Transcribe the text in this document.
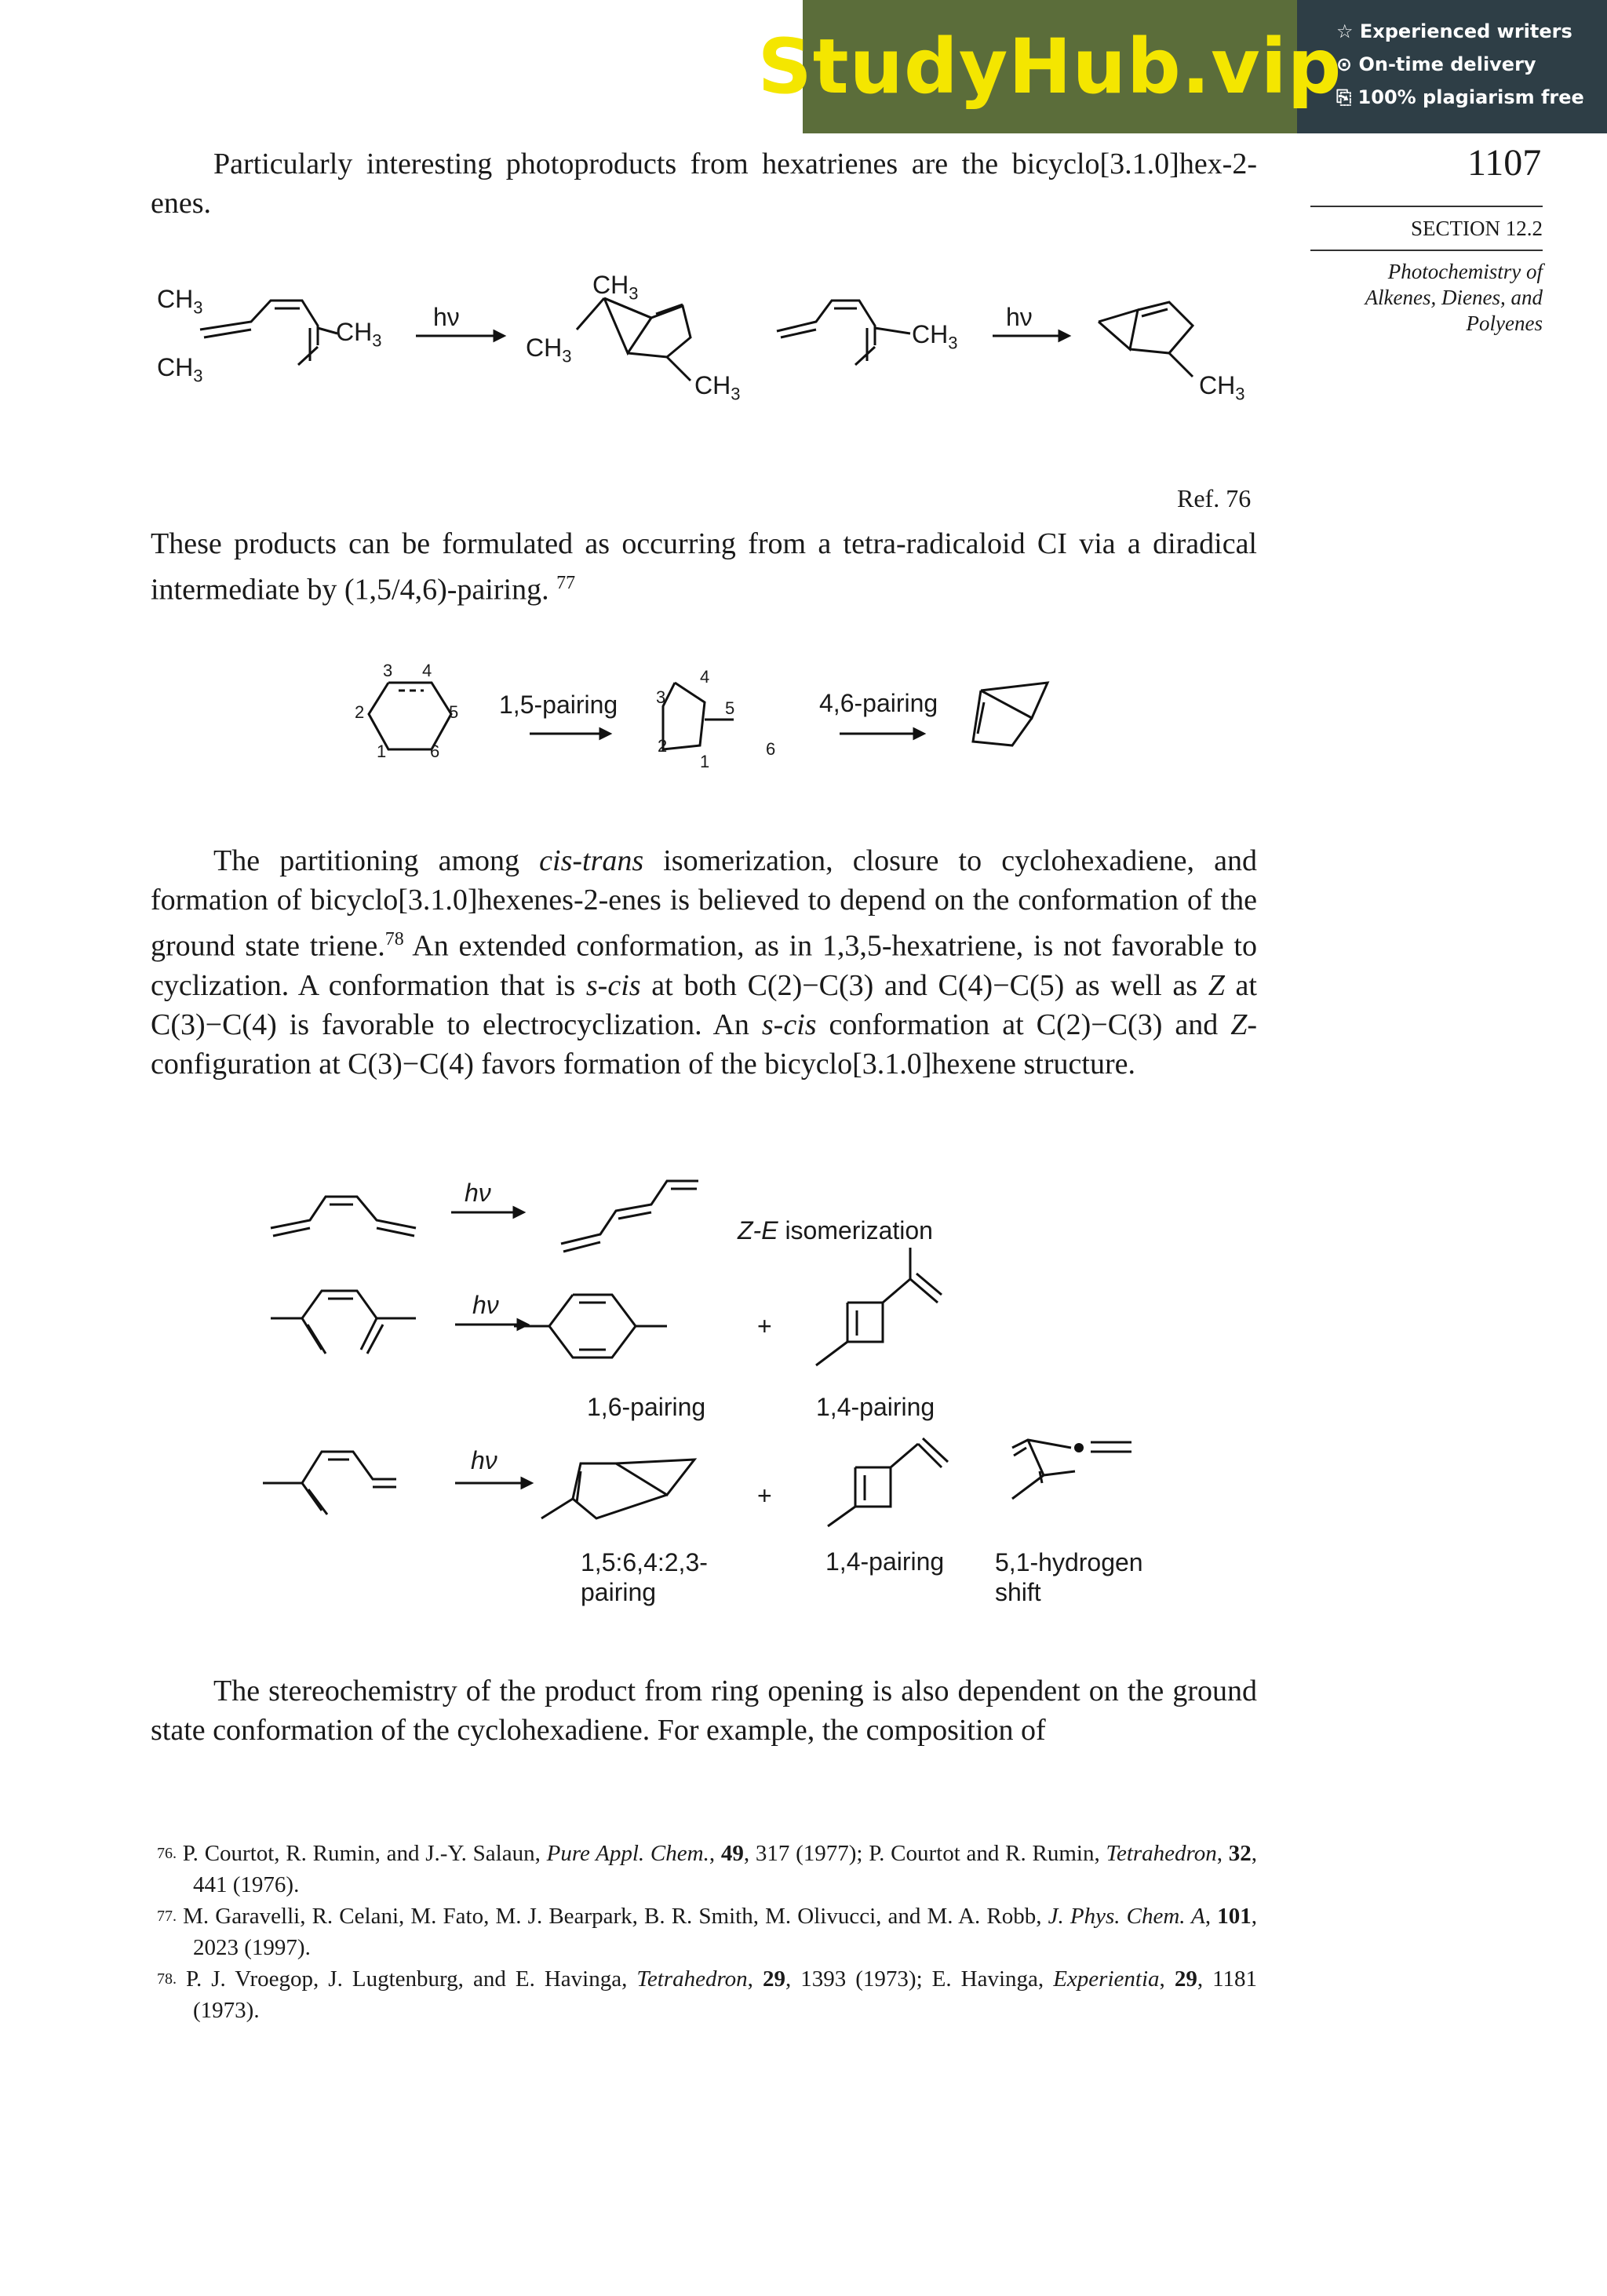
StudyHub.vip
☆ Experienced writers
⊙ On-time delivery
⎘ 100% plagiarism free
1107
SECTION 12.2
Photochemistry of
Alkenes, Dienes, and
Polyenes
Particularly interesting photoproducts from hexatrienes are the bicyclo[3.1.0]hex-2-enes.
$CH_3$
$CH_3$
$CH_3$
hν
$CH_3$
$CH_3$
$CH_3$
$CH_3$
hν
$CH_3$
Ref. 76
These products can be formulated as occurring from a tetra-radicaloid CI via a diradical intermediate by (1,5/4,6)-pairing. $^{77}$
3 4
2	5
1	6
1,5-pairing
4
3
5
2
1
6
4,6-pairing
The partitioning among cis-trans isomerization, closure to cyclohexadiene, and formation of bicyclo[3.1.0]hexenes-2-enes is believed to depend on the conformation of the ground state triene.$^{78}$ An extended conformation, as in 1,3,5-hexatriene, is not favorable to cyclization. A conformation that is s-cis at both C(2)−C(3) and C(4)−C(5) as well as Z at C(3)−C(4) is favorable to electrocyclization. An s-cis conformation at C(2)−C(3) and Z-configuration at C(3)−C(4) favors formation of the bicyclo[3.1.0]hexene structure.
hν
Z-E isomerization
hν
+
1,6-pairing	1,4-pairing
hν
+
1,5:6,4:2,3-
pairing
1,4-pairing 5,1-hydrogen
shift
The stereochemistry of the product from ring opening is also dependent on the ground state conformation of the cyclohexadiene. For example, the composition of
$^{76.}$ P. Courtot, R. Rumin, and J.-Y. Salaun, Pure Appl. Chem., 49, 317 (1977); P. Courtot and R. Rumin, Tetrahedron, 32, 441 (1976).
$^{77.}$ M. Garavelli, R. Celani, M. Fato, M. J. Bearpark, B. R. Smith, M. Olivucci, and M. A. Robb, J. Phys. Chem. A, 101, 2023 (1997).
$^{78.}$ P. J. Vroegop, J. Lugtenburg, and E. Havinga, Tetrahedron, 29, 1393 (1973); E. Havinga, Experientia, 29, 1181 (1973).
